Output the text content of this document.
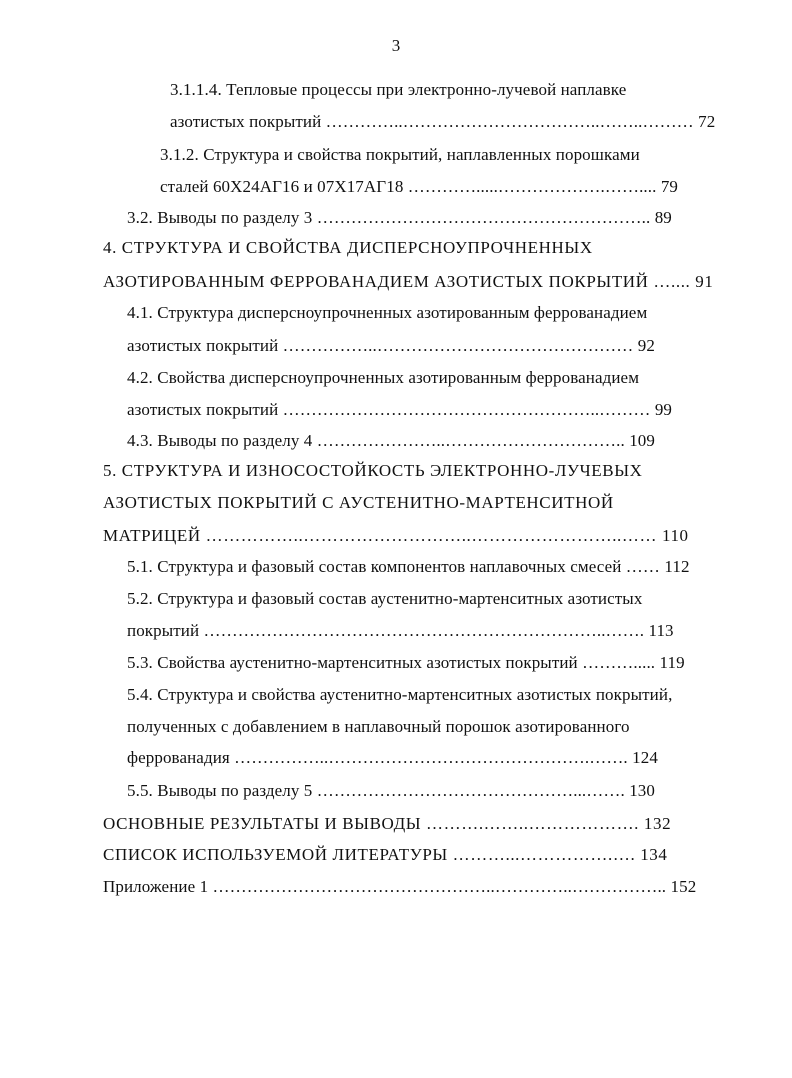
3
3.1.1.4. Тепловые процессы при электронно-лучевой наплавке
азотистых покрытий …………..……………………………..……..……… 72
3.1.2. Структура и свойства покрытий, наплавленных порошками
сталей 60Х24АГ16 и 07Х17АГ18 ………….....……………….…….... 79
3.2. Выводы по разделу 3 ………………………………………………….. 89
4. СТРУКТУРА И СВОЙСТВА ДИСПЕРСНОУПРОЧНЕННЫХ
АЗОТИРОВАННЫМ ФЕРРОВАНАДИЕМ АЗОТИСТЫХ ПОКРЫТИЙ ….... 91
4.1. Структура дисперсноупрочненных азотированным феррованадием
азотистых покрытий ……………..……………………………………… 92
4.2. Свойства дисперсноупрочненных азотированным феррованадием
азотистых покрытий ………………………………………………..……… 99
4.3. Выводы по разделу 4 …………………..………………………….. 109
5. СТРУКТУРА И ИЗНОСОСТОЙКОСТЬ ЭЛЕКТРОННО-ЛУЧЕВЫХ
АЗОТИСТЫХ ПОКРЫТИЙ С АУСТЕНИТНО-МАРТЕНСИТНОЙ
МАТРИЦЕЙ ……………..………………………..……………………..…… 110
5.1. Структура и фазовый состав компонентов наплавочных смесей …… 112
5.2. Структура и фазовый состав аустенитно-мартенситных азотистых
покрытий ……………………………………………………………..……. 113
5.3. Свойства аустенитно-мартенситных азотистых покрытий ………..... 119
5.4. Структура и свойства аустенитно-мартенситных азотистых покрытий,
полученных с добавлением в наплавочный порошок азотированного
феррованадия ……………..……………………………………….……. 124
5.5. Выводы по разделу 5 ………………………………………...……. 130
ОСНОВНЫЕ РЕЗУЛЬТАТЫ И ВЫВОДЫ ……….……..………………. 132
СПИСОК ИСПОЛЬЗУЕМОЙ ЛИТЕРАТУРЫ ………...…………….…. 134
Приложение 1 …………………………………………..…………..…………….. 152
